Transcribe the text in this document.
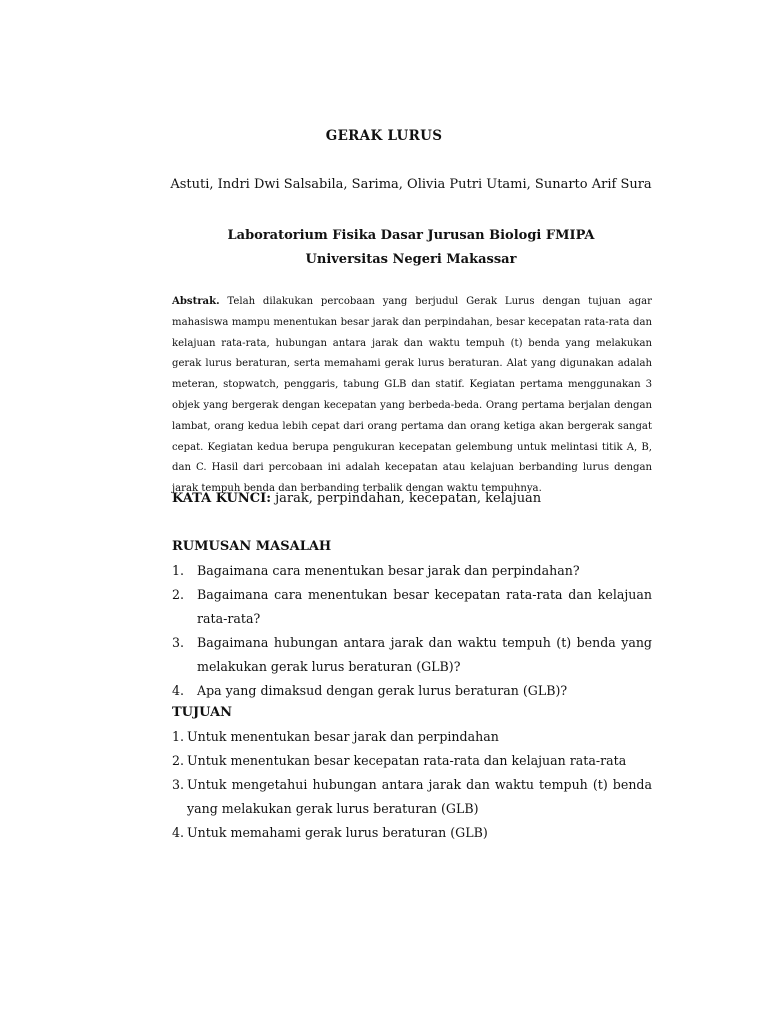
GERAK LURUS

Astuti, Indri Dwi Salsabila, Sarima, Olivia Putri Utami, Sunarto Arif Sura

Laboratorium Fisika Dasar Jurusan Biologi FMIPA
Universitas Negeri Makassar

Abstrak. Telah dilakukan percobaan yang berjudul Gerak Lurus dengan tujuan agar mahasiswa mampu menentukan besar jarak dan perpindahan, besar kecepatan rata-rata dan kelajuan rata-rata, hubungan antara jarak dan waktu tempuh (t) benda yang melakukan gerak lurus beraturan, serta memahami gerak lurus beraturan. Alat yang digunakan adalah meteran, stopwatch, penggaris, tabung GLB dan statif. Kegiatan pertama menggunakan 3 objek yang bergerak dengan kecepatan yang berbeda-beda. Orang pertama berjalan dengan lambat, orang kedua lebih cepat dari orang pertama dan orang ketiga akan bergerak sangat cepat. Kegiatan kedua berupa pengukuran kecepatan gelembung untuk melintasi titik A, B, dan C. Hasil dari percobaan ini adalah kecepatan atau kelajuan berbanding lurus dengan jarak tempuh benda dan berbanding terbalik dengan waktu tempuhnya.

KATA KUNCI: jarak, perpindahan, kecepatan, kelajuan

RUMUSAN MASALAH
1. Bagaimana cara menentukan besar jarak dan perpindahan?
2. Bagaimana cara menentukan besar kecepatan rata-rata dan kelajuan rata-rata?
3. Bagaimana hubungan antara jarak dan waktu tempuh (t) benda yang melakukan gerak lurus beraturan (GLB)?
4. Apa yang dimaksud dengan gerak lurus beraturan (GLB)?
TUJUAN
1. Untuk menentukan besar jarak dan perpindahan
2. Untuk menentukan besar kecepatan rata-rata dan kelajuan rata-rata
3. Untuk mengetahui hubungan antara jarak dan waktu tempuh (t) benda yang melakukan gerak lurus beraturan (GLB)
4. Untuk memahami gerak lurus beraturan (GLB)
